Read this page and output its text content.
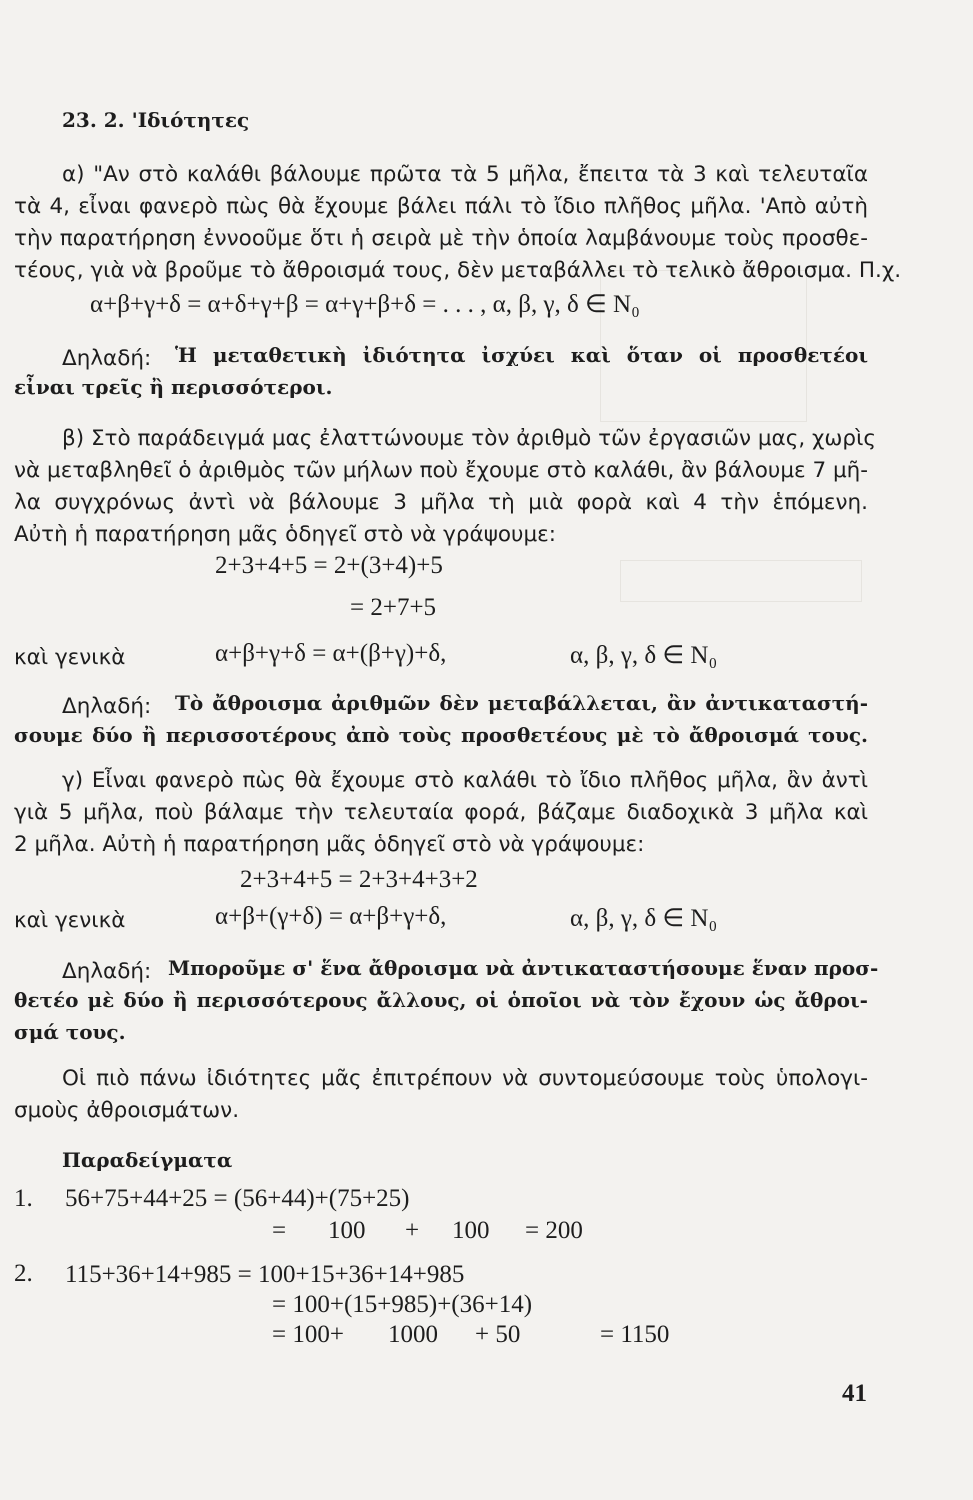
23. 2. 'Ιδιότητες
α) "Αν στὸ καλάθι βάλουμε πρῶτα τὰ 5 μῆλα, ἔπειτα τὰ 3 καὶ τελευταῖα
τὰ 4, εἶναι φανερὸ πὼς θὰ ἔχουμε βάλει πάλι τὸ ἴδιο πλῆθος μῆλα. 'Απὸ αὐτὴ
τὴν παρατήρηση ἐννοοῦμε ὅτι ἡ σειρὰ μὲ τὴν ὁποία λαμβάνουμε τοὺς προσθε-
τέους, γιὰ νὰ βροῦμε τὸ ἄθροισμά τους, δὲν μεταβάλλει τὸ τελικὸ ἄθροισμα. Π.χ.
α+β+γ+δ = α+δ+γ+β = α+γ+β+δ = . . . , α, β, γ, δ ∈ N₀
Δηλαδή: Ἡ μεταθετικὴ ἰδιότητα ἰσχύει καὶ ὅταν οἱ προσθετέοι
εἶναι τρεῖς ἢ περισσότεροι.
β) Στὸ παράδειγμά μας ἐλαττώνουμε τὸν ἀριθμὸ τῶν ἐργασιῶν μας, χωρὶς
νὰ μεταβληθεῖ ὁ ἀριθμὸς τῶν μήλων ποὺ ἔχουμε στὸ καλάθι, ἂν βάλουμε 7 μῆ-
λα συγχρόνως ἀντὶ νὰ βάλουμε 3 μῆλα τὴ μιὰ φορὰ καὶ 4 τὴν ἑπόμενη.
Αὐτὴ ἡ παρατήρηση μᾶς ὁδηγεῖ στὸ νὰ γράψουμε:
2+3+4+5 = 2+(3+4)+5
= 2+7+5
καὶ γενικὰ	α+β+γ+δ = α+(β+γ)+δ,	α, β, γ, δ ∈ N₀
Δηλαδή: Τὸ ἄθροισμα ἀριθμῶν δὲν μεταβάλλεται, ἂν ἀντικαταστή-
σουμε δύο ἢ περισσοτέρους ἀπὸ τοὺς προσθετέους μὲ τὸ ἄθροισμά τους.
γ) Εἶναι φανερὸ πὼς θὰ ἔχουμε στὸ καλάθι τὸ ἴδιο πλῆθος μῆλα, ἂν ἀντὶ
γιὰ 5 μῆλα, ποὺ βάλαμε τὴν τελευταία φορά, βάζαμε διαδοχικὰ 3 μῆλα καὶ
2 μῆλα. Αὐτὴ ἡ παρατήρηση μᾶς ὁδηγεῖ στὸ νὰ γράψουμε:
2+3+4+5 = 2+3+4+3+2
καὶ γενικὰ	α+β+(γ+δ) = α+β+γ+δ,	α, β, γ, δ ∈ N₀
Δηλαδή: Μποροῦμε σ' ἕνα ἄθροισμα νὰ ἀντικαταστήσουμε ἕναν προσ-
θετέο μὲ δύο ἢ περισσότερους ἄλλους, οἱ ὁποῖοι νὰ τὸν ἔχουν ὡς ἄθροι-
σμά τους.
Οἱ πιὸ πάνω ἰδιότητες μᾶς ἐπιτρέπουν νὰ συντομεύσουμε τοὺς ὑπολογι-
σμοὺς ἀθροισμάτων.
Παραδείγματα
1. 56+75+44+25 = (56+44)+(75+25)
= 100 + 100 = 200
2. 115+36+14+985 = 100+15+36+14+985
= 100+(15+985)+(36+14)
= 100+ 1000 + 50	= 1150
41
